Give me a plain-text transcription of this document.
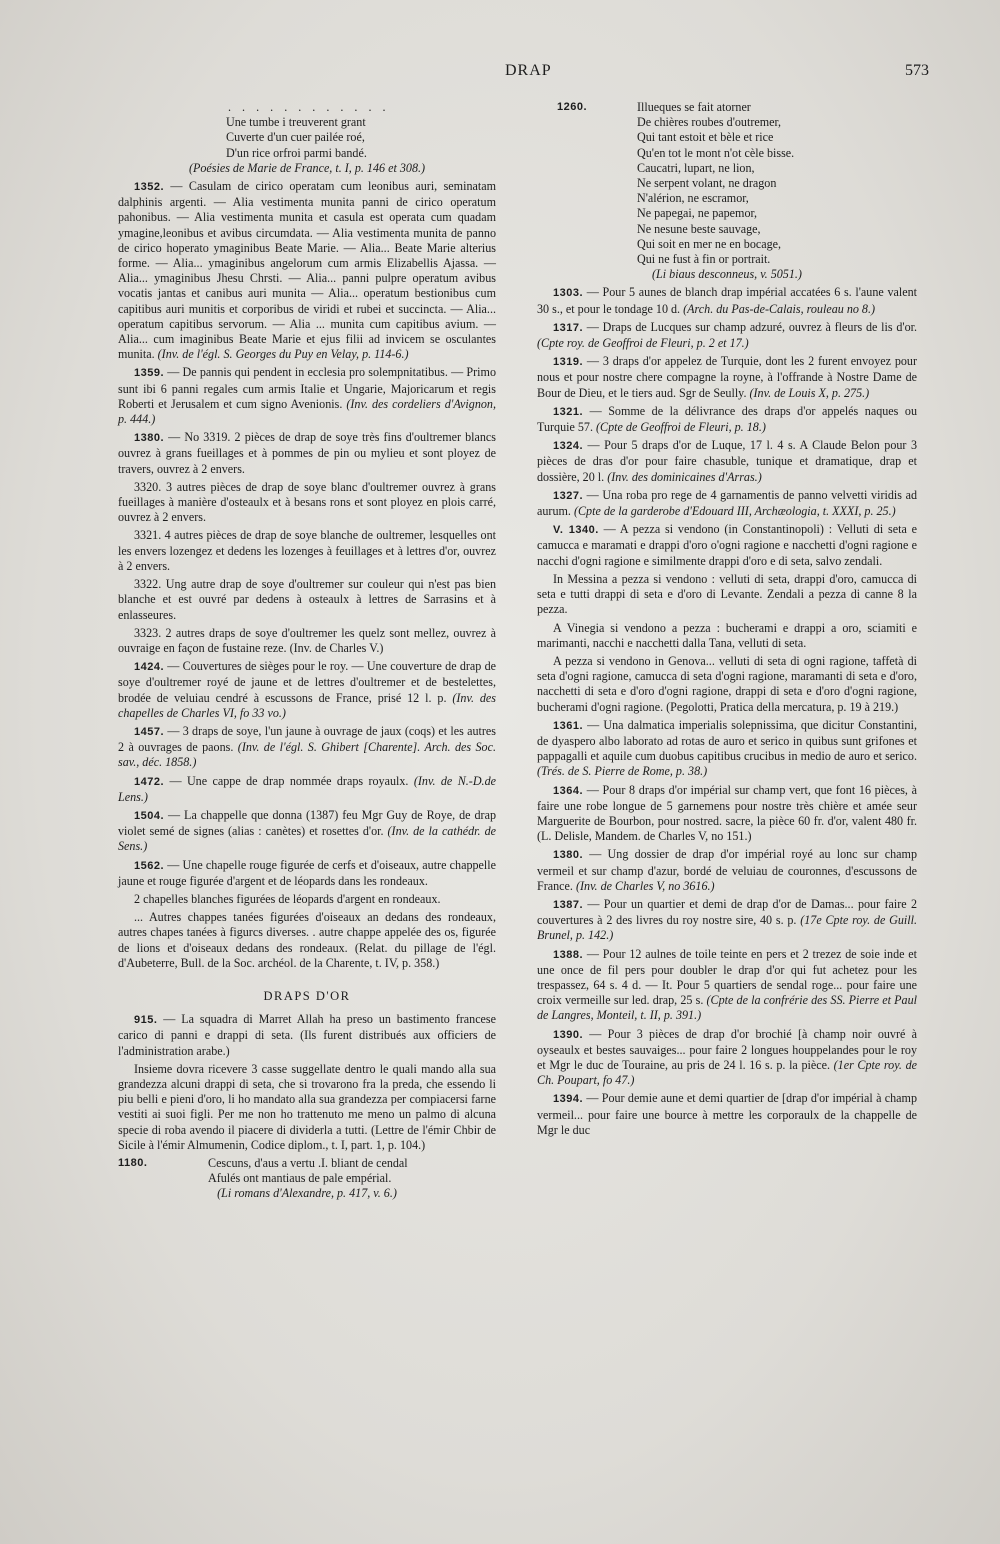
DRAP	573
. . . . . . . . . . . .
Une tumbe i treuverent grant
Cuverte d'un cuer pailée roé,
D'un rice orfroi parmi bandé.
(Poésies de Marie de France, t. I, p. 146 et 308.)

1352. — Casulam de cirico operatam cum leonibus auri, seminatam dalphinis argenti. — Alia vestimenta munita panni de cirico operatum pahonibus. — Alia vestimenta munita et casula est operata cum quadam ymagine,leonibus et avibus circumdata. — Alia vestimenta munita de panno de cirico hoperato ymaginibus Beate Marie. — Alia... Beate Marie alterius forme. — Alia... ymaginibus angelorum cum armis Elizabellis Ajassa. — Alia... ymaginibus Jhesu Chrsti. — Alia... panni pulpre operatum avibus vocatis jantas et canibus auri munita — Alia... operatum bestionibus cum capitibus auri munitis et corporibus de viridi et rubei et succincta. — Alia... operatum capitibus servorum. — Alia ... munita cum capitibus avium. — Alia... cum imaginibus Beate Marie et ejus filii ad invicem se osculantes munita. (Inv. de l'égl. S. Georges du Puy en Velay, p. 114-6.)

1359. — De pannis qui pendent in ecclesia pro solempnitatibus. — Primo sunt ibi 6 panni regales cum armis Italie et Ungarie, Majoricarum et regis Roberti et Jerusalem et cum signo Avenionis. (Inv. des cordeliers d'Avignon, p. 444.)

1380. — No 3319. 2 pièces de drap de soye très fins d'oultremer blancs ouvrez à grans fueillages et à pommes de pin ou mylieu et sont ployez de travers, ouvrez à 2 envers.

3320. 3 autres pièces de drap de soye blanc d'oultremer ouvrez à grans fueillages à manière d'osteaulx et à besans rons et sont ployez en plois carré, ouvrez à 2 envers.

3321. 4 autres pièces de drap de soye blanche de oultremer, lesquelles ont les envers lozengez et dedens les lozenges à feuillages et à lettres d'or, ouvrez à 2 envers.

3322. Ung autre drap de soye d'oultremer sur couleur qui n'est pas bien blanche et est ouvré par dedens à osteaulx à lettres de Sarrasins et à enlasseures.

3323. 2 autres draps de soye d'oultremer les quelz sont mellez, ouvrez à ouvraige en façon de fustaine reze. (Inv. de Charles V.)

1424. — Couvertures de sièges pour le roy. — Une couverture de drap de soye d'oultremer royé de jaune et de lettres d'oultremer et de bestelettes, brodée de veluiau cendré à escussons de France, prisé 12 l. p. (Inv. des chapelles de Charles VI, fo 33 vo.)

1457. — 3 draps de soye, l'un jaune à ouvrage de jaux (coqs) et les autres 2 à ouvrages de paons. (Inv. de l'égl. S. Ghibert [Charente]. Arch. des Soc. sav., déc. 1858.)

1472. — Une cappe de drap nommée draps royaulx. (Inv. de N.-D.de Lens.)

1504. — La chappelle que donna (1387) feu Mgr Guy de Roye, de drap violet semé de signes (alias : canètes) et rosettes d'or. (Inv. de la cathédr. de Sens.)

1562. — Une chapelle rouge figurée de cerfs et d'oiseaux, autre chappelle jaune et rouge figurée d'argent et de léopards dans les rondeaux.

2 chapelles blanches figurées de léopards d'argent en rondeaux.

... Autres chappes tanées figurées d'oiseaux an dedans des rondeaux, autres chapes tanées à figurcs diverses. . autre chappe appelée des os, figurée de lions et d'oiseaux dedans des rondeaux. (Relat. du pillage de l'égl. d'Aubeterre, Bull. de la Soc. archéol. de la Charente, t. IV, p. 358.)

DRAPS D'OR

915. — La squadra di Marret Allah ha preso un bastimento francese carico di panni e drappi di seta. (Ils furent distribués aux officiers de l'administration arabe.)

Insieme dovra ricevere 3 casse suggellate dentro le quali mando alla sua grandezza alcuni drappi di seta, che si trovarono fra la preda, che essendo li piu belli e pieni d'oro, li ho mandato alla sua grandezza per compiacersi farne vestiti ai suoi figli. Per me non ho trattenuto me meno un palmo di alcuna specie di roba avendo il piacere di dividerla a tutti. (Lettre de l'émir Chbir de Sicile à l'émir Almumenin, Codice diplom., t. I, part. 1, p. 104.)

1180.	Cescuns, d'aus a vertu .I. bliant de cendal
Afulés ont mantiaus de pale empérial.
(Li romans d'Alexandre, p. 417, v. 6.)
1260.	Illueques se fait atorner
De chières roubes d'outremer,
Qui tant estoit et bèle et rice
Qu'en tot le mont n'ot cèle bisse.
Caucatri, lupart, ne lion,
Ne serpent volant, ne dragon
N'alérion, ne escramor,
Ne papegai, ne papemor,
Ne nesune beste sauvage,
Qui soit en mer ne en bocage,
Qui ne fust à fin or portrait.
(Li biaus desconneus, v. 5051.)

1303. — Pour 5 aunes de blanch drap impérial accatées 6 s. l'aune valent 30 s., et pour le tondage 10 d. (Arch. du Pas-de-Calais, rouleau no 8.)

1317. — Draps de Lucques sur champ adzuré, ouvrez à fleurs de lis d'or. (Cpte roy. de Geoffroi de Fleuri, p. 2 et 17.)

1319. — 3 draps d'or appelez de Turquie, dont les 2 furent envoyez pour nous et pour nostre chere compagne la royne, à l'offrande à Nostre Dame de Bour de Dieu, et le tiers aud. Sgr de Seully. (Inv. de Louis X, p. 275.)

1321. — Somme de la délivrance des draps d'or appelés naques ou Turquie 57. (Cpte de Geoffroi de Fleuri, p. 18.)

1324. — Pour 5 draps d'or de Luque, 17 l. 4 s. A Claude Belon pour 3 pièces de dras d'or pour faire chasuble, tunique et dramatique, drap et dossière, 20 l. (Inv. des dominicaines d'Arras.)

1327. — Una roba pro rege de 4 garnamentis de panno velvetti viridis ad aurum. (Cpte de la garderobe d'Edouard III, Archæologia, t. XXXI, p. 25.)

V. 1340. — A pezza si vendono (in Constantinopoli) : Velluti di seta e camucca e maramati e drappi d'oro o'ogni ragione e nacchetti d'ogni ragione e nacchi d'ogni ragione e similmente drappi d'oro e di seta, salvo zendali.

In Messina a pezza si vendono : velluti di seta, drappi d'oro, camucca di seta e tutti drappi di seta e d'oro di Levante. Zendali a pezza di canne 8 la pezza.

A Vinegia si vendono a pezza : bucherami e drappi a oro, sciamiti e marimanti, nacchi e nacchetti dalla Tana, velluti di seta.

A pezza si vendono in Genova... velluti di seta di ogni ragione, taffetà di seta d'ogni ragione, camucca di seta d'ogni ragione, maramanti di seta e d'oro, nacchetti di seta e d'oro d'ogni ragione, drappi di seta e d'oro d'ogni ragione, bucherami d'ogni ragione. (Pegolotti, Pratica della mercatura, p. 19 à 219.)

1361. — Una dalmatica imperialis solepnissima, que dicitur Constantini, de dyaspero albo laborato ad rotas de auro et serico in quibus sunt grifones et pappagalli et aquile cum duobus capitibus crucibus in medio de auro et serico. (Trés. de S. Pierre de Rome, p. 38.)

1364. — Pour 8 draps d'or impérial sur champ vert, que font 16 pièces, à faire une robe longue de 5 garnemens pour nostre très chière et amée seur Marguerite de Bourbon, pour nostred. sacre, la pièce 60 fr. d'or, valent 480 fr. (L. Delisle, Mandem. de Charles V, no 151.)

1380. — Ung dossier de drap d'or impérial royé au lonc sur champ vermeil et sur champ d'azur, bordé de veluiau de couronnes, d'escussons de France. (Inv. de Charles V, no 3616.)

1387. — Pour un quartier et demi de drap d'or de Damas... pour faire 2 couvertures à 2 des livres du roy nostre sire, 40 s. p. (17e Cpte roy. de Guill. Brunel, p. 142.)

1388. — Pour 12 aulnes de toile teinte en pers et 2 trezez de soie inde et une once de fil pers pour doubler le drap d'or qui fut achetez pour les trespassez, 64 s. 4 d. — It. Pour 5 quartiers de sendal roge... pour faire une croix vermeille sur led. drap, 25 s. (Cpte de la confrérie des SS. Pierre et Paul de Langres, Monteil, t. II, p. 391.)

1390. — Pour 3 pièces de drap d'or brochié [à champ noir ouvré à oyseaulx et bestes sauvaiges... pour faire 2 longues houppelandes pour le roy et Mgr le duc de Touraine, au pris de 24 l. 16 s. p. la pièce. (1er Cpte roy. de Ch. Poupart, fo 47.)

1394. — Pour demie aune et demi quartier de [drap d'or impérial à champ vermeil... pour faire une bource à mettre les corporaulx de la chappelle de Mgr le duc
